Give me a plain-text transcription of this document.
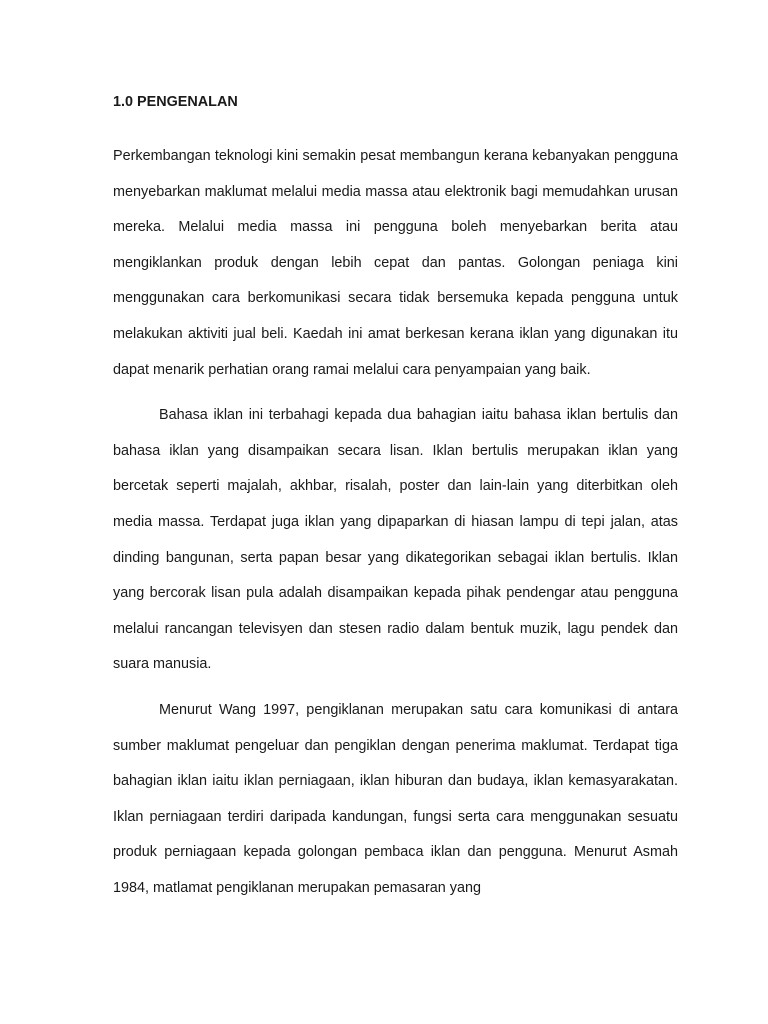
1.0 PENGENALAN

Perkembangan teknologi kini semakin pesat membangun kerana kebanyakan pengguna menyebarkan maklumat melalui media massa atau elektronik bagi memudahkan urusan mereka. Melalui media massa ini pengguna boleh menyebarkan berita atau mengiklankan produk dengan lebih cepat dan pantas. Golongan peniaga kini menggunakan cara berkomunikasi secara tidak bersemuka kepada pengguna untuk melakukan aktiviti jual beli. Kaedah ini amat berkesan kerana iklan yang digunakan itu dapat menarik perhatian orang ramai melalui cara penyampaian yang baik.

Bahasa iklan ini terbahagi kepada dua bahagian iaitu bahasa iklan bertulis dan bahasa iklan yang disampaikan secara lisan. Iklan bertulis merupakan iklan yang bercetak seperti majalah, akhbar, risalah, poster dan lain-lain yang diterbitkan oleh media massa. Terdapat juga iklan yang dipaparkan di hiasan lampu di tepi jalan, atas dinding bangunan, serta papan besar yang dikategorikan sebagai iklan bertulis. Iklan yang bercorak lisan pula adalah disampaikan kepada pihak pendengar atau pengguna melalui rancangan televisyen dan stesen radio dalam bentuk muzik, lagu pendek dan suara manusia.

Menurut Wang 1997, pengiklanan merupakan satu cara komunikasi di antara sumber maklumat pengeluar dan pengiklan dengan penerima maklumat. Terdapat tiga bahagian iklan iaitu iklan perniagaan, iklan hiburan dan budaya, iklan kemasyarakatan. Iklan perniagaan terdiri daripada kandungan, fungsi serta cara menggunakan sesuatu produk perniagaan kepada golongan pembaca iklan dan pengguna. Menurut Asmah 1984, matlamat pengiklanan merupakan pemasaran yang
